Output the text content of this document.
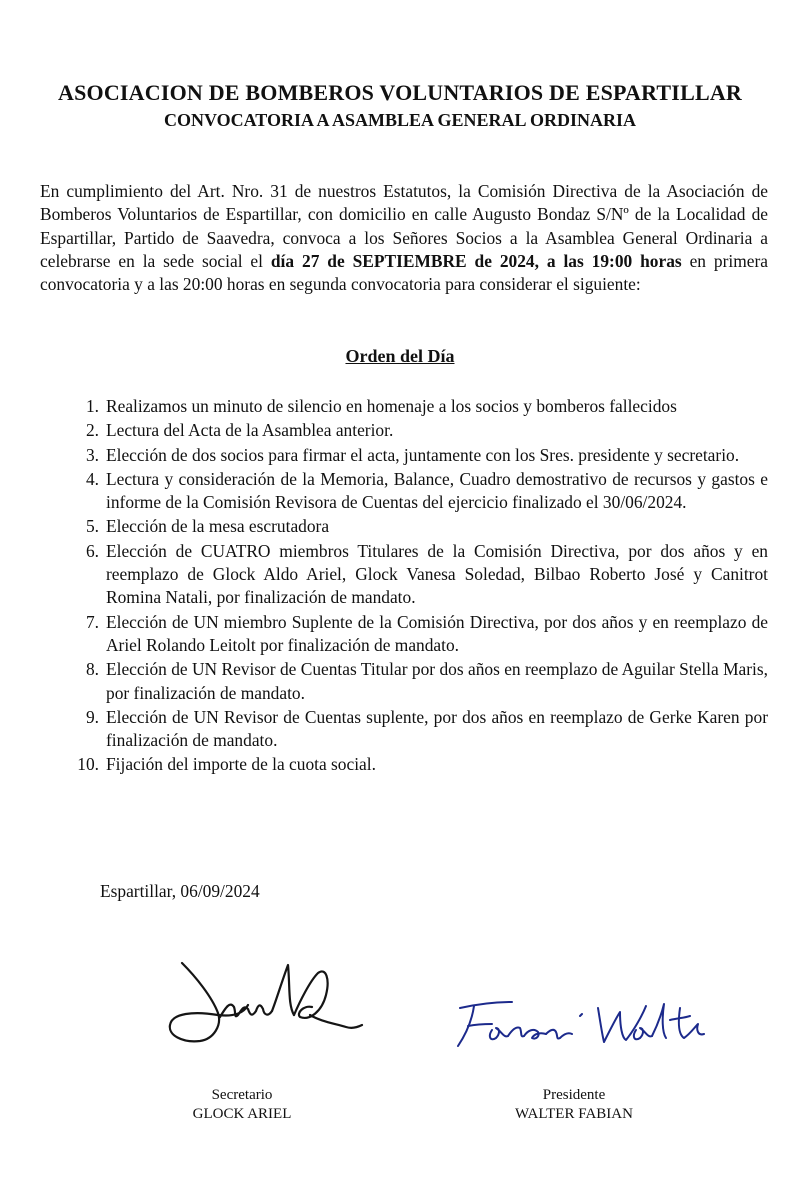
ASOCIACION DE BOMBEROS VOLUNTARIOS DE ESPARTILLAR
CONVOCATORIA A ASAMBLEA GENERAL ORDINARIA
En cumplimiento del Art. Nro. 31 de nuestros Estatutos, la Comisión Directiva de la Asociación de Bomberos Voluntarios de Espartillar, con domicilio en calle Augusto Bondaz S/Nº de la Localidad de Espartillar, Partido de Saavedra, convoca a los Señores Socios a la Asamblea General Ordinaria a celebrarse en la sede social el día 27 de SEPTIEMBRE de 2024, a las 19:00 horas en primera convocatoria y a las 20:00 horas en segunda convocatoria para considerar el siguiente:
Orden del Día
1. Realizamos un minuto de silencio en homenaje a los socios y bomberos fallecidos
2. Lectura del Acta de la Asamblea anterior.
3. Elección de dos socios para firmar el acta, juntamente con los Sres. presidente y secretario.
4. Lectura y consideración de la Memoria, Balance, Cuadro demostrativo de recursos y gastos e informe de la Comisión Revisora de Cuentas del ejercicio finalizado el 30/06/2024.
5. Elección de la mesa escrutadora
6. Elección de CUATRO miembros Titulares de la Comisión Directiva, por dos años y en reemplazo de Glock Aldo Ariel, Glock Vanesa Soledad, Bilbao Roberto José y Canitrot Romina Natali, por finalización de mandato.
7. Elección de UN miembro Suplente de la Comisión Directiva, por dos años y en reemplazo de Ariel Rolando Leitolt por finalización de mandato.
8. Elección de UN Revisor de Cuentas Titular por dos años en reemplazo de Aguilar Stella Maris, por finalización de mandato.
9. Elección de UN Revisor de Cuentas suplente, por dos años en reemplazo de Gerke Karen por finalización de mandato.
10. Fijación del importe de la cuota social.
Espartillar, 06/09/2024
Secretario
GLOCK ARIEL
Presidente
WALTER FABIAN
